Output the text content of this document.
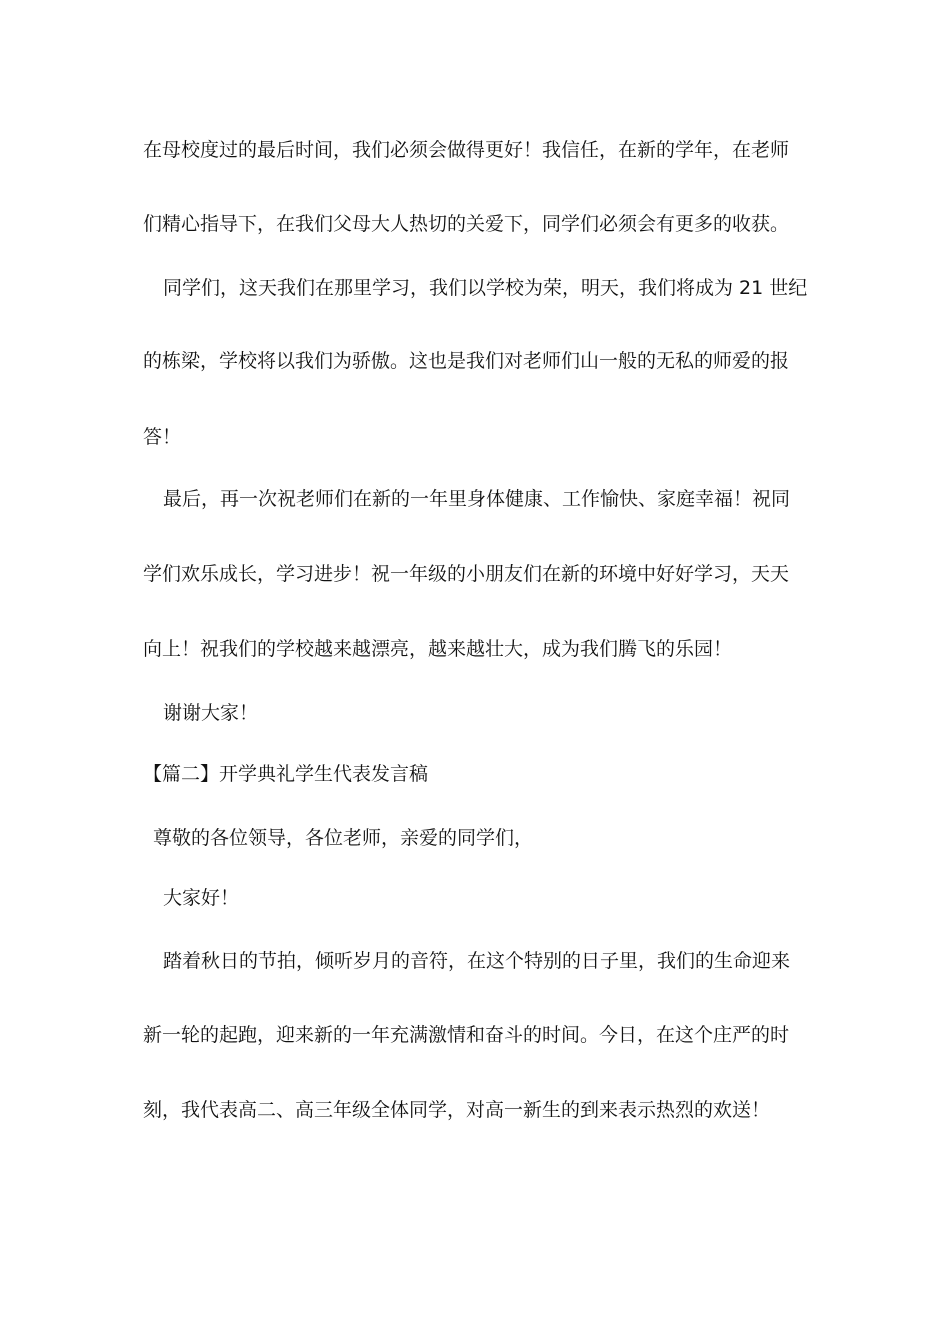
在母校度过的最后时间，我们必须会做得更好！我信任，在新的学年，在老师

们精心指导下，在我们父母大人热切的关爱下，同学们必须会有更多的收获。

同学们，这天我们在那里学习，我们以学校为荣，明天，我们将成为 21 世纪

的栋梁，学校将以我们为骄傲。这也是我们对老师们山一般的无私的师爱的报

答！

最后，再一次祝老师们在新的一年里身体健康、工作愉快、家庭幸福！祝同

学们欢乐成长，学习进步！祝一年级的小朋友们在新的环境中好好学习，天天

向上！祝我们的学校越来越漂亮，越来越壮大，成为我们腾飞的乐园！

谢谢大家！

【篇二】开学典礼学生代表发言稿

尊敬的各位领导，各位老师，亲爱的同学们，

大家好！

踏着秋日的节拍，倾听岁月的音符，在这个特别的日子里，我们的生命迎来

新一轮的起跑，迎来新的一年充满激情和奋斗的时间。今日，在这个庄严的时

刻，我代表高二、高三年级全体同学，对高一新生的到来表示热烈的欢送！
